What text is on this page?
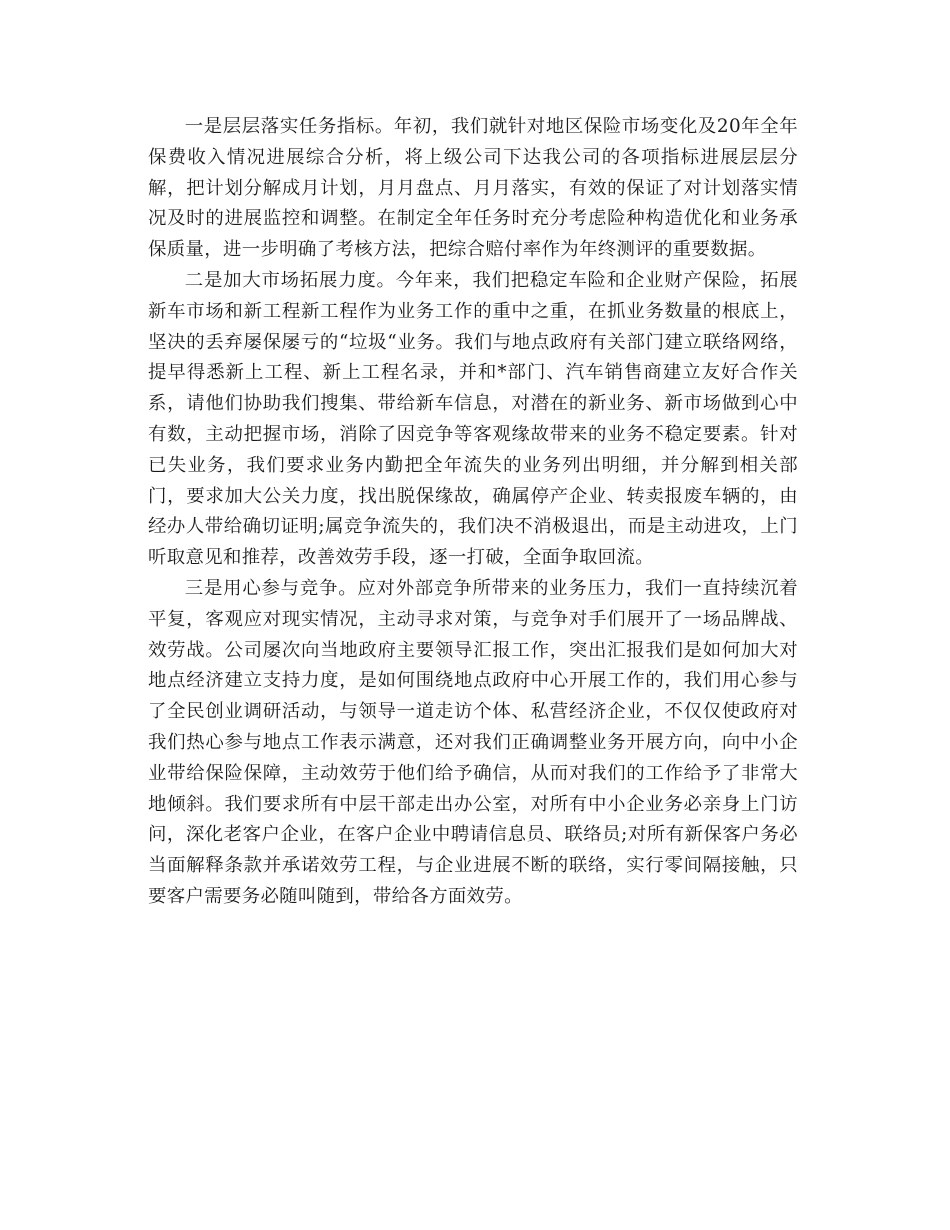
一是层层落实任务指标。年初，我们就针对地区保险市场变化及20年全年保费收入情况进展综合分析，将上级公司下达我公司的各项指标进展层层分解，把计划分解成月计划，月月盘点、月月落实，有效的保证了对计划落实情况及时的进展监控和调整。在制定全年任务时充分考虑险种构造优化和业务承保质量，进一步明确了考核方法，把综合赔付率作为年终测评的重要数据。

二是加大市场拓展力度。今年来，我们把稳定车险和企业财产保险，拓展新车市场和新工程新工程作为业务工作的重中之重，在抓业务数量的根底上，坚决的丢弃屡保屡亏的“垃圾“业务。我们与地点政府有关部门建立联络网络，提早得悉新上工程、新上工程名录，并和*部门、汽车销售商建立友好合作关系，请他们协助我们搜集、带给新车信息，对潜在的新业务、新市场做到心中有数，主动把握市场，消除了因竞争等客观缘故带来的业务不稳定要素。针对已失业务，我们要求业务内勤把全年流失的业务列出明细，并分解到相关部门，要求加大公关力度，找出脱保缘故，确属停产企业、转卖报废车辆的，由经办人带给确切证明;属竞争流失的，我们决不消极退出，而是主动进攻，上门听取意见和推荐，改善效劳手段，逐一打破，全面争取回流。

三是用心参与竞争。应对外部竞争所带来的业务压力，我们一直持续沉着平复，客观应对现实情况，主动寻求对策，与竞争对手们展开了一场品牌战、效劳战。公司屡次向当地政府主要领导汇报工作，突出汇报我们是如何加大对地点经济建立支持力度，是如何围绕地点政府中心开展工作的，我们用心参与了全民创业调研活动，与领导一道走访个体、私营经济企业，不仅仅使政府对我们热心参与地点工作表示满意，还对我们正确调整业务开展方向，向中小企业带给保险保障，主动效劳于他们给予确信，从而对我们的工作给予了非常大地倾斜。我们要求所有中层干部走出办公室，对所有中小企业务必亲身上门访问，深化老客户企业，在客户企业中聘请信息员、联络员;对所有新保客户务必当面解释条款并承诺效劳工程，与企业进展不断的联络，实行零间隔接触，只要客户需要务必随叫随到，带给各方面效劳。
